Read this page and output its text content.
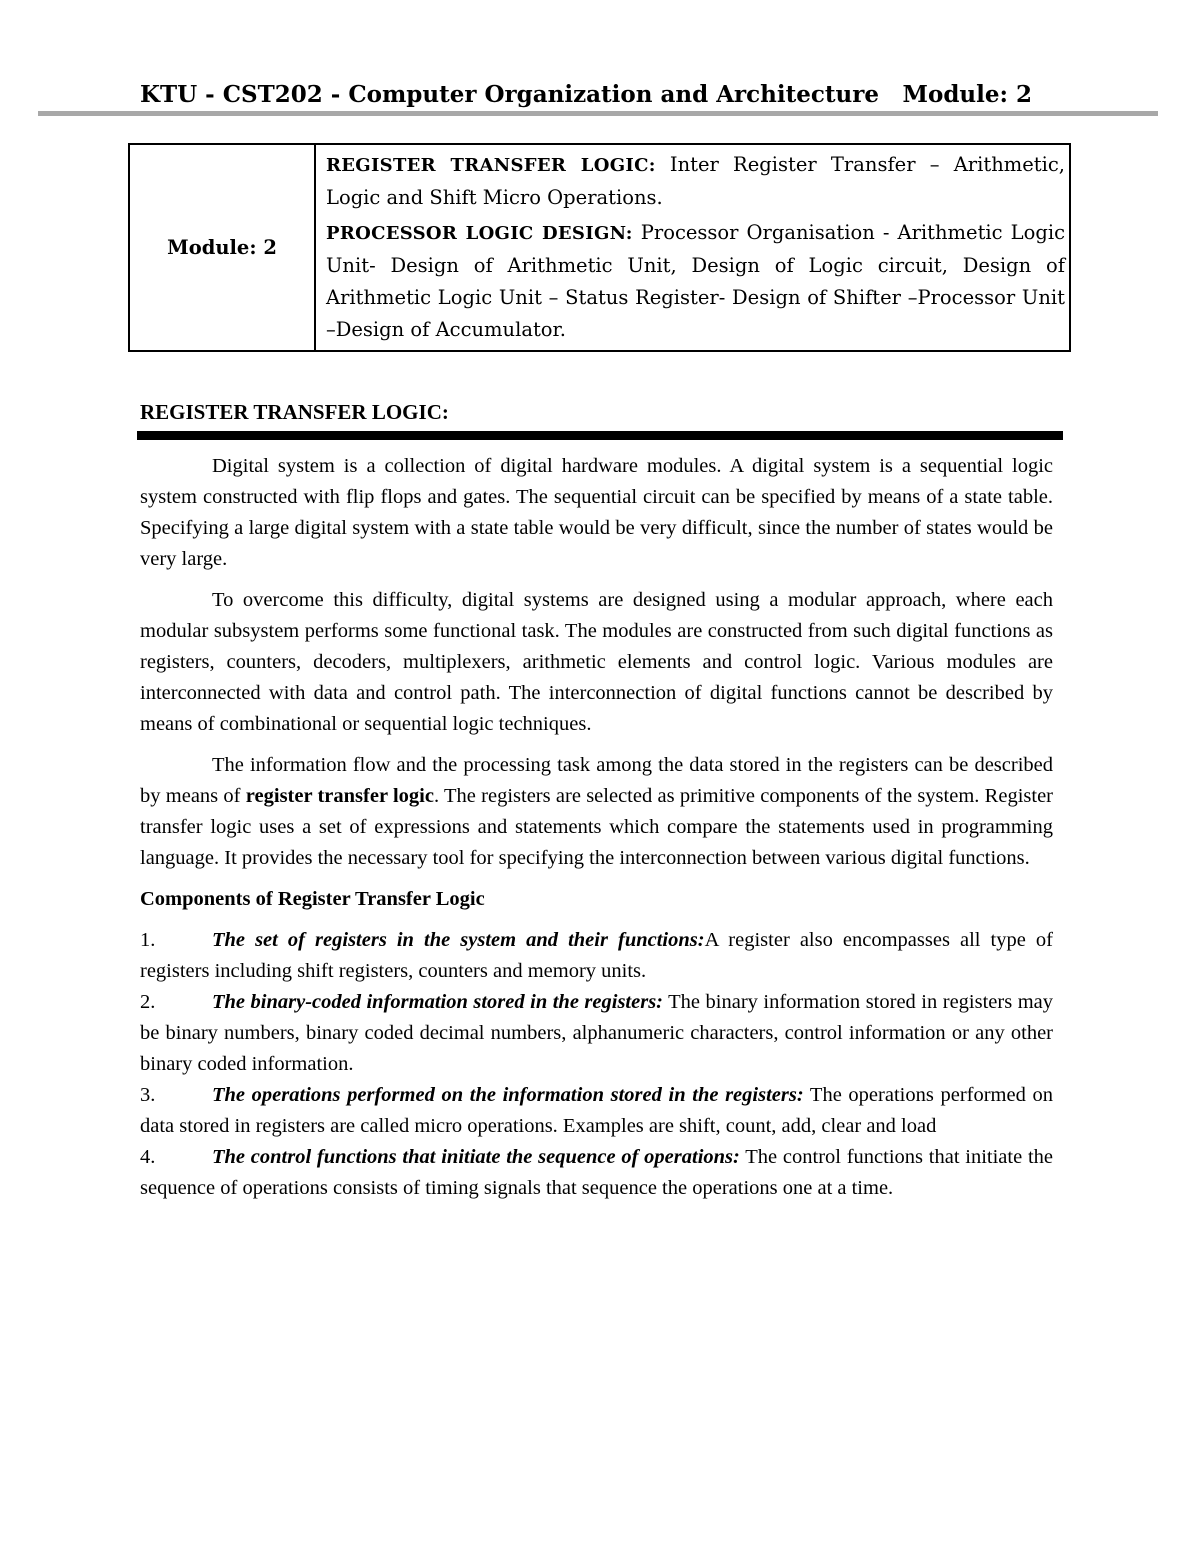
KTU - CST202 - Computer Organization and Architecture Module: 2
Module: 2	

REGISTER TRANSFER LOGIC: Inter Register Transfer – Arithmetic, Logic and Shift Micro Operations.

PROCESSOR LOGIC DESIGN: Processor Organisation - Arithmetic Logic Unit- Design of Arithmetic Unit, Design of Logic circuit, Design of Arithmetic Logic Unit – Status Register- Design of Shifter –Processor Unit –Design of Accumulator.

REGISTER TRANSFER LOGIC:

Digital system is a collection of digital hardware modules. A digital system is a sequential logic system constructed with flip flops and gates. The sequential circuit can be specified by means of a state table. Specifying a large digital system with a state table would be very difficult, since the number of states would be very large.

To overcome this difficulty, digital systems are designed using a modular approach, where each modular subsystem performs some functional task. The modules are constructed from such digital functions as registers, counters, decoders, multiplexers, arithmetic elements and control logic. Various modules are interconnected with data and control path. The interconnection of digital functions cannot be described by means of combinational or sequential logic techniques.

The information flow and the processing task among the data stored in the registers can be described by means of register transfer logic. The registers are selected as primitive components of the system. Register transfer logic uses a set of expressions and statements which compare the statements used in programming language. It provides the necessary tool for specifying the interconnection between various digital functions.

Components of Register Transfer Logic

1.	The set of registers in the system and their functions:A register also encompasses all type of registers including shift registers, counters and memory units.

2.	The binary-coded information stored in the registers: The binary information stored in registers may be binary numbers, binary coded decimal numbers, alphanumeric characters, control information or any other binary coded information.

3.	The operations performed on the information stored in the registers: The operations performed on data stored in registers are called micro operations. Examples are shift, count, add, clear and load

4.	The control functions that initiate the sequence of operations: The control functions that initiate the sequence of operations consists of timing signals that sequence the operations one at a time.
